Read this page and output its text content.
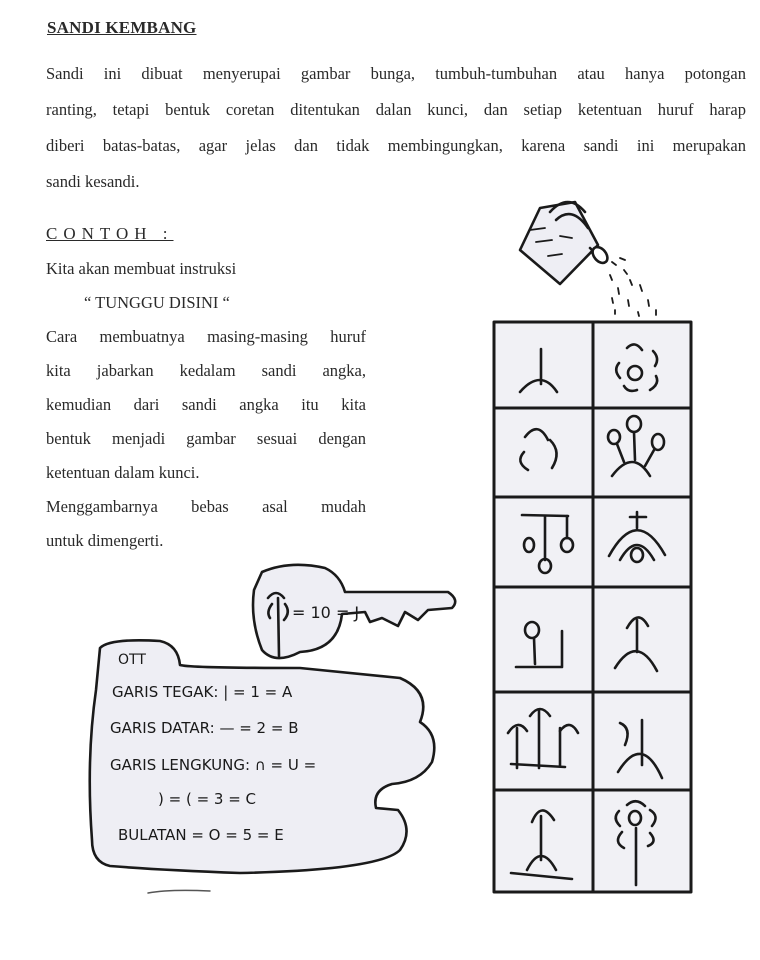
SANDI KEMBANG
Sandi ini dibuat menyerupai gambar bunga, tumbuh-tumbuhan atau hanya potongan
ranting, tetapi bentuk coretan ditentukan dalan kunci, dan setiap ketentuan huruf harap
diberi batas-batas, agar jelas dan tidak membingungkan, karena sandi ini merupakan
sandi kesandi.
CONTOH :
Kita akan membuat instruksi
“ TUNGGU DISINI “
Cara membuatnya masing-masing huruf
kita jabarkan kedalam sandi angka,
kemudian dari sandi angka itu kita
bentuk menjadi gambar sesuai dengan
ketentuan dalam kunci.
Menggambarnya bebas asal mudah
untuk dimengerti.
= 10 = J
OTT
GARIS TEGAK: | = 1 = A
GARIS DATAR: — = 2 = B
GARIS LENGKUNG: ∩ = U =
) = ( = 3 = C
BULATAN = O = 5 = E
